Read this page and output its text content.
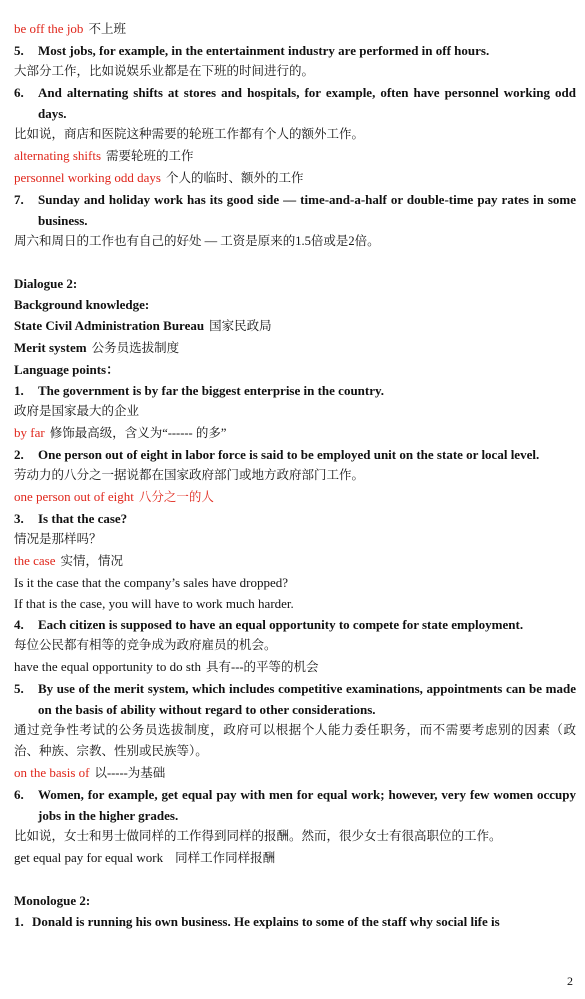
be off the job 不上班
5.	Most jobs, for example, in the entertainment industry are performed in off hours.
大部分工作，比如说娱乐业都是在下班的时间进行的。
6.	And alternating shifts at stores and hospitals, for example, often have personnel working odd days.
比如说，商店和医院这种需要的轮班工作都有个人的额外工作。
alternating shifts 需要轮班的工作
personnel working odd days 个人的临时、额外的工作
7.	Sunday and holiday work has its good side — time-and-a-half or double-time pay rates in some business.
周六和周日的工作也有自己的好处 — 工资是原来的1.5倍或是2倍。
Dialogue 2:
Background knowledge:
State Civil Administration Bureau 国家民政局
Merit system 公务员选拔制度
Language points：
1.	The government is by far the biggest enterprise in the country.
政府是国家最大的企业
by far 修饰最高级，含义为“------ 的多”
2.	One person out of eight in labor force is said to be employed unit on the state or local level.
劳动力的八分之一据说都在国家政府部门或地方政府部门工作。
one person out of eight 八分之一的人
3.	Is that the case?
情况是那样吗？
the case 实情，情况
Is it the case that the company’s sales have dropped?
If that is the case, you will have to work much harder.
4.	Each citizen is supposed to have an equal opportunity to compete for state employment.
每位公民都有相等的竞争成为政府雇员的机会。
have the equal opportunity to do sth 具有---的平等的机会
5.	By use of the merit system, which includes competitive examinations, appointments can be made on the basis of ability without regard to other considerations.
通过竞争性考试的公务员选拔制度，政府可以根据个人能力委任职务，而不需要考虑别的因素（政治、种族、宗教、性别或民族等）。
on the basis of 以-----为基础
6.	Women, for example, get equal pay with men for equal work; however, very few women occupy jobs in the higher grades.
比如说，女士和男士做同样的工作得到同样的报酬。然而，很少女士有很高职位的工作。
get equal pay for equal work 同样工作同样报酬
Monologue 2:
1. Donald is running his own business. He explains to some of the staff why social life is
2
